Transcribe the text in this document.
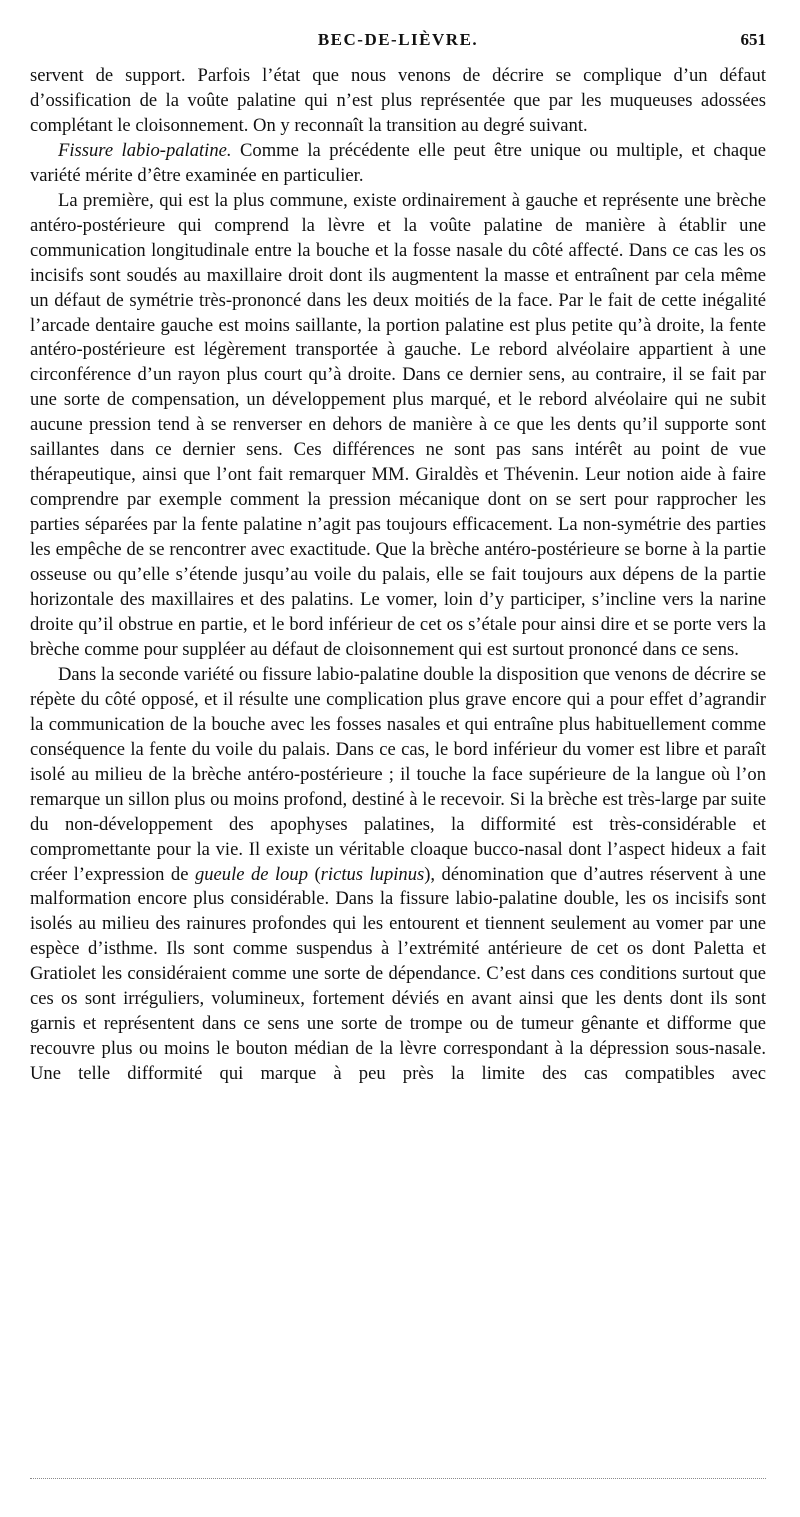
BEC-DE-LIÈVRE.	651

servent de support. Parfois l’état que nous venons de décrire se complique d’un défaut d’ossification de la voûte palatine qui n’est plus représentée que par les muqueuses adossées complétant le cloisonnement. On y reconnaît la transition au degré suivant.

Fissure labio-palatine. Comme la précédente elle peut être unique ou multiple, et chaque variété mérite d’être examinée en particulier.

La première, qui est la plus commune, existe ordinairement à gauche et représente une brèche antéro-postérieure qui comprend la lèvre et la voûte palatine de manière à établir une communication longitudinale entre la bouche et la fosse nasale du côté affecté. Dans ce cas les os incisifs sont soudés au maxillaire droit dont ils augmentent la masse et entraînent par cela même un défaut de symétrie très-prononcé dans les deux moitiés de la face. Par le fait de cette inégalité l’arcade dentaire gauche est moins saillante, la portion palatine est plus petite qu’à droite, la fente antéro-postérieure est légèrement transportée à gauche. Le rebord alvéolaire appartient à une circonférence d’un rayon plus court qu’à droite. Dans ce dernier sens, au contraire, il se fait par une sorte de compensation, un développement plus marqué, et le rebord alvéolaire qui ne subit aucune pression tend à se renverser en dehors de manière à ce que les dents qu’il supporte sont saillantes dans ce dernier sens. Ces différences ne sont pas sans intérêt au point de vue thérapeutique, ainsi que l’ont fait remarquer MM. Giraldès et Thévenin. Leur notion aide à faire comprendre par exemple comment la pression mécanique dont on se sert pour rapprocher les parties séparées par la fente palatine n’agit pas toujours efficacement. La non-symétrie des parties les empêche de se rencontrer avec exactitude. Que la brèche antéro-postérieure se borne à la partie osseuse ou qu’elle s’étende jusqu’au voile du palais, elle se fait toujours aux dépens de la partie horizontale des maxillaires et des palatins. Le vomer, loin d’y participer, s’incline vers la narine droite qu’il obstrue en partie, et le bord inférieur de cet os s’étale pour ainsi dire et se porte vers la brèche comme pour suppléer au défaut de cloisonnement qui est surtout prononcé dans ce sens.

Dans la seconde variété ou fissure labio-palatine double la disposition que venons de décrire se répète du côté opposé, et il résulte une complication plus grave encore qui a pour effet d’agrandir la communication de la bouche avec les fosses nasales et qui entraîne plus habituellement comme conséquence la fente du voile du palais. Dans ce cas, le bord inférieur du vomer est libre et paraît isolé au milieu de la brèche antéro-postérieure ; il touche la face supérieure de la langue où l’on remarque un sillon plus ou moins profond, destiné à le recevoir. Si la brèche est très-large par suite du non-développement des apophyses palatines, la difformité est très-considérable et compromettante pour la vie. Il existe un véritable cloaque bucco-nasal dont l’aspect hideux a fait créer l’expression de gueule de loup (rictus lupinus), dénomination que d’autres réservent à une malformation encore plus considérable. Dans la fissure labio-palatine double, les os incisifs sont isolés au milieu des rainures profondes qui les entourent et tiennent seulement au vomer par une espèce d’isthme. Ils sont comme suspendus à l’extrémité antérieure de cet os dont Paletta et Gratiolet les considéraient comme une sorte de dépendance. C’est dans ces conditions surtout que ces os sont irréguliers, volumineux, fortement déviés en avant ainsi que les dents dont ils sont garnis et représentent dans ce sens une sorte de trompe ou de tumeur gênante et difforme que recouvre plus ou moins le bouton médian de la lèvre correspondant à la dépression sous-nasale. Une telle difformité qui marque à peu près la limite des cas compatibles avec
